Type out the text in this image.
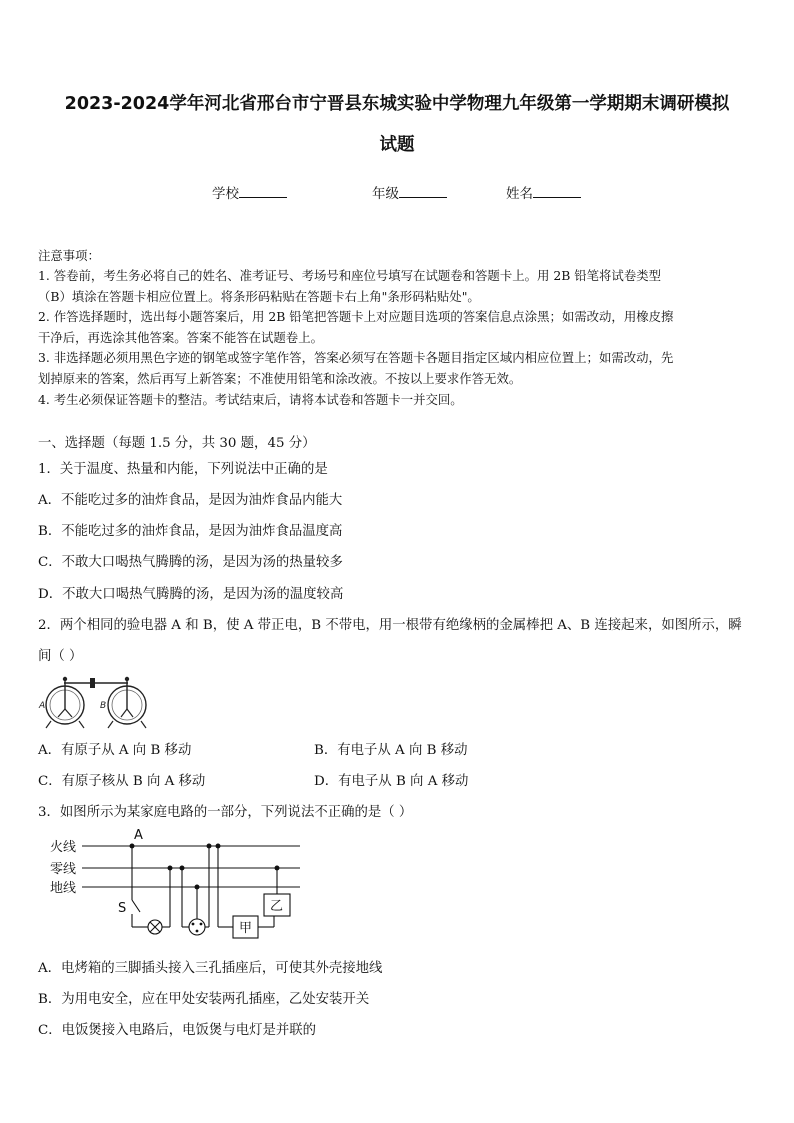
2023-2024学年河北省邢台市宁晋县东城实验中学物理九年级第一学期期末调研模拟
试题
学校	年级	姓名
注意事项：
1. 答卷前，考生务必将自己的姓名、准考证号、考场号和座位号填写在试题卷和答题卡上。用 2B 铅笔将试卷类型
（B）填涂在答题卡相应位置上。将条形码粘贴在答题卡右上角"条形码粘贴处"。
2. 作答选择题时，选出每小题答案后，用 2B 铅笔把答题卡上对应题目选项的答案信息点涂黑；如需改动，用橡皮擦
干净后，再选涂其他答案。答案不能答在试题卷上。
3. 非选择题必须用黑色字迹的钢笔或签字笔作答，答案必须写在答题卡各题目指定区域内相应位置上；如需改动，先
划掉原来的答案，然后再写上新答案；不准使用铅笔和涂改液。不按以上要求作答无效。
4. 考生必须保证答题卡的整洁。考试结束后，请将本试卷和答题卡一并交回。
一、选择题（每题 1.5 分，共 30 题，45 分）
1．关于温度、热量和内能，下列说法中正确的是
A．不能吃过多的油炸食品，是因为油炸食品内能大
B．不能吃过多的油炸食品，是因为油炸食品温度高
C．不敢大口喝热气腾腾的汤，是因为汤的热量较多
D．不敢大口喝热气腾腾的汤，是因为汤的温度较高
2．两个相同的验电器 A 和 B，使 A 带正电，B 不带电，用一根带有绝缘柄的金属棒把 A、B 连接起来，如图所示，瞬
间（ ）
A	B
A．有原子从 A 向 B 移动	B．有电子从 A 向 B 移动
C．有原子核从 B 向 A 移动	D．有电子从 B 向 A 移动
3．如图所示为某家庭电路的一部分，下列说法不正确的是（ ）
火线
零线
地线
A
S
甲
乙
A．电烤箱的三脚插头接入三孔插座后，可使其外壳接地线
B．为用电安全，应在甲处安装两孔插座，乙处安装开关
C．电饭煲接入电路后，电饭煲与电灯是并联的
